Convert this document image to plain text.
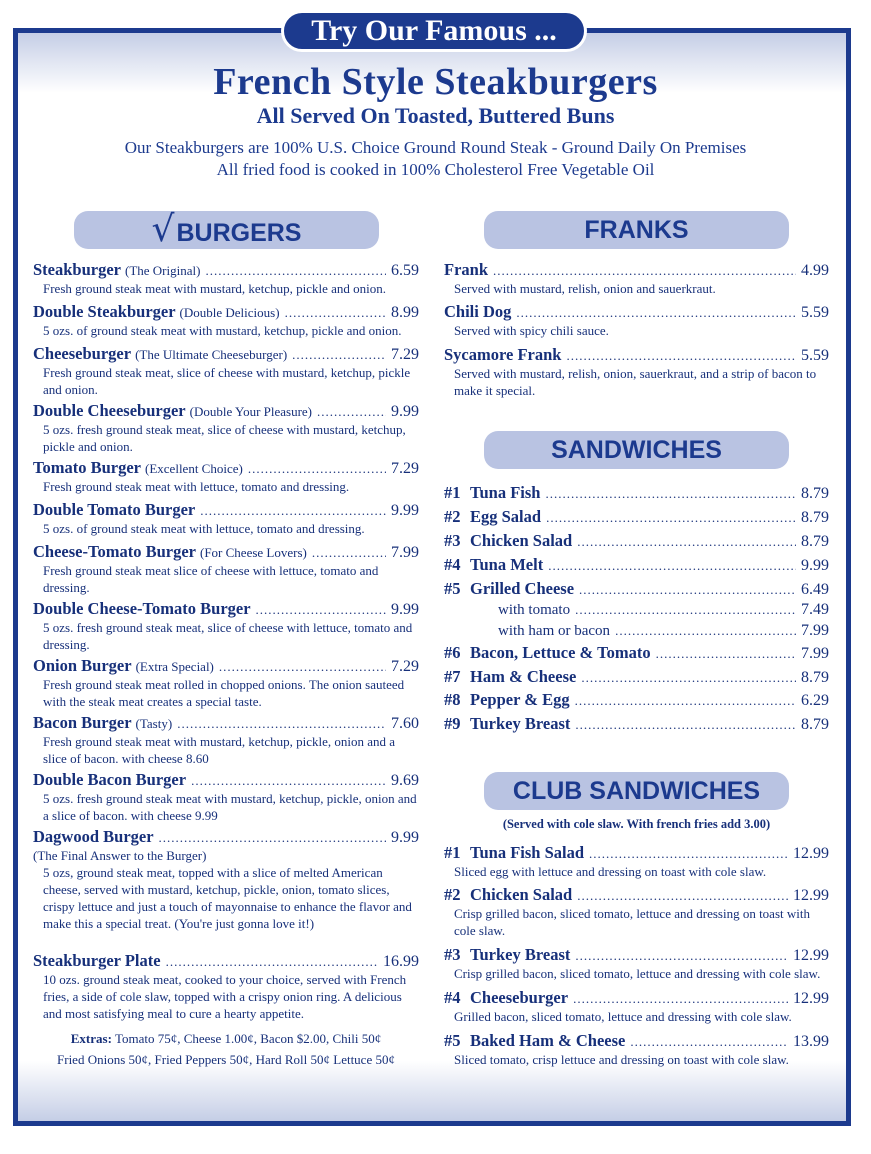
Try Our Famous ...
French Style Steakburgers
All Served On Toasted, Buttered Buns
Our Steakburgers are 100% U.S. Choice Ground Round Steak - Ground Daily On Premises
All fried food is cooked in 100% Cholesterol Free Vegetable Oil
√BURGERS	FRANKS
SANDWICHES
CLUB SANDWICHES
Steakburger (The Original) .....	6.59
Fresh ground steak meat with mustard, ketchup, pickle and onion.
Double Steakburger (Double Delicious) .....	8.99
5 ozs. of ground steak meat with mustard, ketchup, pickle and onion.
Cheeseburger (The Ultimate Cheeseburger) .....	7.29
Fresh ground steak meat, slice of cheese with mustard, ketchup, pickle and onion.
Double Cheeseburger (Double Your Pleasure) .....	9.99
5 ozs. fresh ground steak meat, slice of cheese with mustard, ketchup, pickle and onion.
Tomato Burger (Excellent Choice) .....	7.29
Fresh ground steak meat with lettuce, tomato and dressing.
Double Tomato Burger .....	9.99
5 ozs. of ground steak meat with lettuce, tomato and dressing.
Cheese-Tomato Burger (For Cheese Lovers) .....	7.99
Fresh ground steak meat slice of cheese with lettuce, tomato and dressing.
Double Cheese-Tomato Burger .....	9.99
5 ozs. fresh ground steak meat, slice of cheese with lettuce, tomato and dressing.
Onion Burger (Extra Special) .....	7.29
Fresh ground steak meat rolled in chopped onions. The onion sauteed with the steak meat creates a special taste.
Bacon Burger (Tasty) .....	7.60
Fresh ground steak meat with mustard, ketchup, pickle, onion and a slice of bacon. with cheese 8.60
Double Bacon Burger .....	9.69
5 ozs. fresh ground steak meat with mustard, ketchup, pickle, onion and a slice of bacon. with cheese 9.99
Dagwood Burger .....	9.99
(The Final Answer to the Burger)
5 ozs, ground steak meat, topped with a slice of melted American cheese, served with mustard, ketchup, pickle, onion, tomato slices, crispy lettuce and just a touch of mayonnaise to enhance the flavor and make this a special treat. (You're just gonna love it!)
Steakburger Plate .....	16.99
10 ozs. ground steak meat, cooked to your choice, served with French fries, a side of cole slaw, topped with a crispy onion ring. A delicious and most satisfying meal to cure a hearty appetite.
Extras: Tomato 75¢, Cheese 1.00¢, Bacon $2.00, Chili 50¢
Fried Onions 50¢, Fried Peppers 50¢, Hard Roll 50¢ Lettuce 50¢
Frank .....	4.99
Served with mustard, relish, onion and sauerkraut.
Chili Dog .....	5.59
Served with spicy chili sauce.
Sycamore Frank .....	5.59
Served with mustard, relish, onion, sauerkraut, and a strip of bacon to make it special.
#1 Tuna Fish .....	8.79
#2 Egg Salad .....	8.79
#3 Chicken Salad .....	8.79
#4 Tuna Melt .....	9.99
#5 Grilled Cheese .....	6.49
with tomato .....	7.49
with ham or bacon .....	7.99
#6 Bacon, Lettuce & Tomato .....	7.99
#7 Ham & Cheese .....	8.79
#8 Pepper & Egg .....	6.29
#9 Turkey Breast .....	8.79
(Served with cole slaw. With french fries add 3.00)
#1 Tuna Fish Salad .....	12.99
Sliced egg with lettuce and dressing on toast with cole slaw.
#2 Chicken Salad .....	12.99
Crisp grilled bacon, sliced tomato, lettuce and dressing on toast with cole slaw.
#3 Turkey Breast .....	12.99
Crisp grilled bacon, sliced tomato, lettuce and dressing with cole slaw.
#4 Cheeseburger .....	12.99
Grilled bacon, sliced tomato, lettuce and dressing with cole slaw.
#5 Baked Ham & Cheese .....	13.99
Sliced tomato, crisp lettuce and dressing on toast with cole slaw.
